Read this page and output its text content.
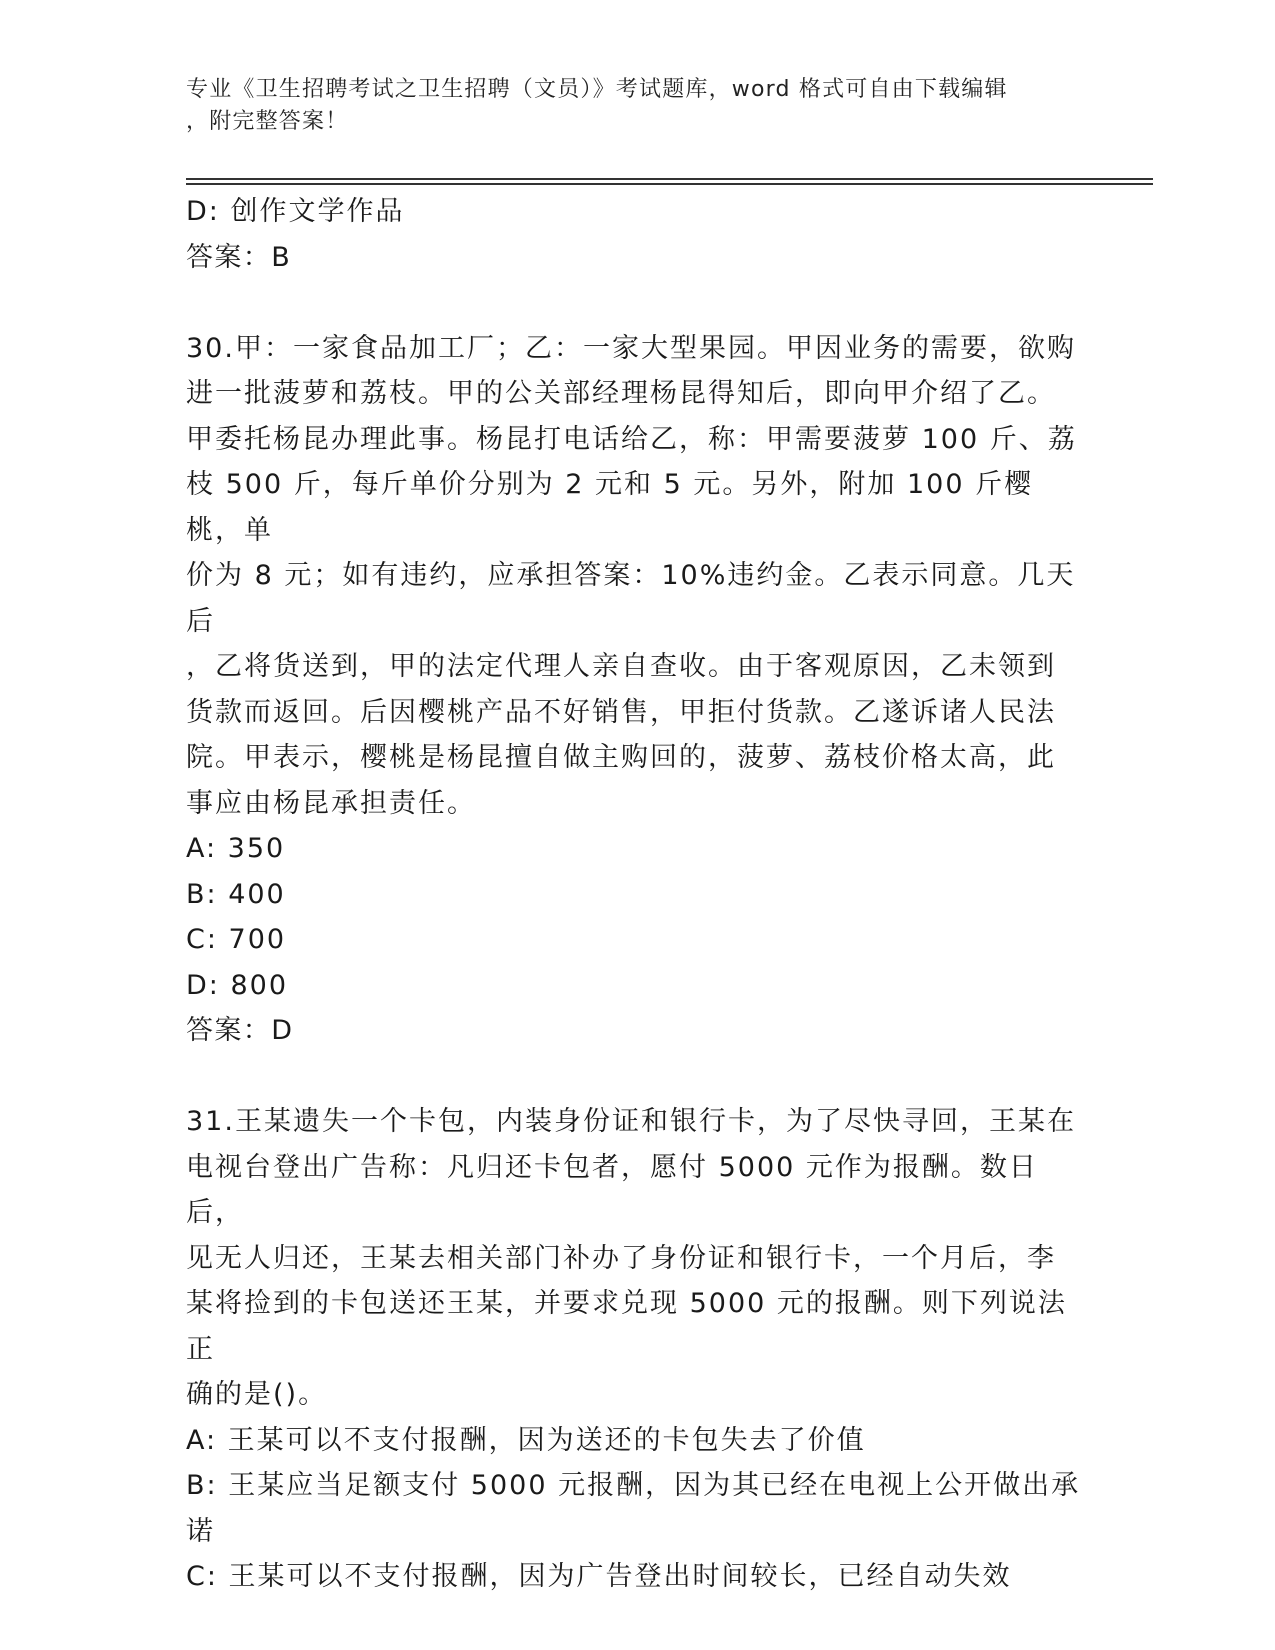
专业《卫生招聘考试之卫生招聘（文员）》考试题库，word 格式可自由下载编辑
，附完整答案！
D: 创作文学作品
答案：B
30.甲：一家食品加工厂；乙：一家大型果园。甲因业务的需要，欲购
进一批菠萝和荔枝。甲的公关部经理杨昆得知后，即向甲介绍了乙。
甲委托杨昆办理此事。杨昆打电话给乙，称：甲需要菠萝 100 斤、荔
枝 500 斤，每斤单价分别为 2 元和 5 元。另外，附加 100 斤樱桃，单
价为 8 元；如有违约，应承担答案：10%违约金。乙表示同意。几天后
，乙将货送到，甲的法定代理人亲自查收。由于客观原因，乙未领到
货款而返回。后因樱桃产品不好销售，甲拒付货款。乙遂诉诸人民法
院。甲表示，樱桃是杨昆擅自做主购回的，菠萝、荔枝价格太高，此
事应由杨昆承担责任。
A: 350
B: 400
C: 700
D: 800
答案：D
31.王某遗失一个卡包，内装身份证和银行卡，为了尽快寻回，王某在
电视台登出广告称：凡归还卡包者，愿付 5000 元作为报酬。数日后，
见无人归还，王某去相关部门补办了身份证和银行卡，一个月后，李
某将捡到的卡包送还王某，并要求兑现 5000 元的报酬。则下列说法正
确的是()。
A: 王某可以不支付报酬，因为送还的卡包失去了价值
B: 王某应当足额支付 5000 元报酬，因为其已经在电视上公开做出承
诺
C: 王某可以不支付报酬，因为广告登出时间较长，已经自动失效
